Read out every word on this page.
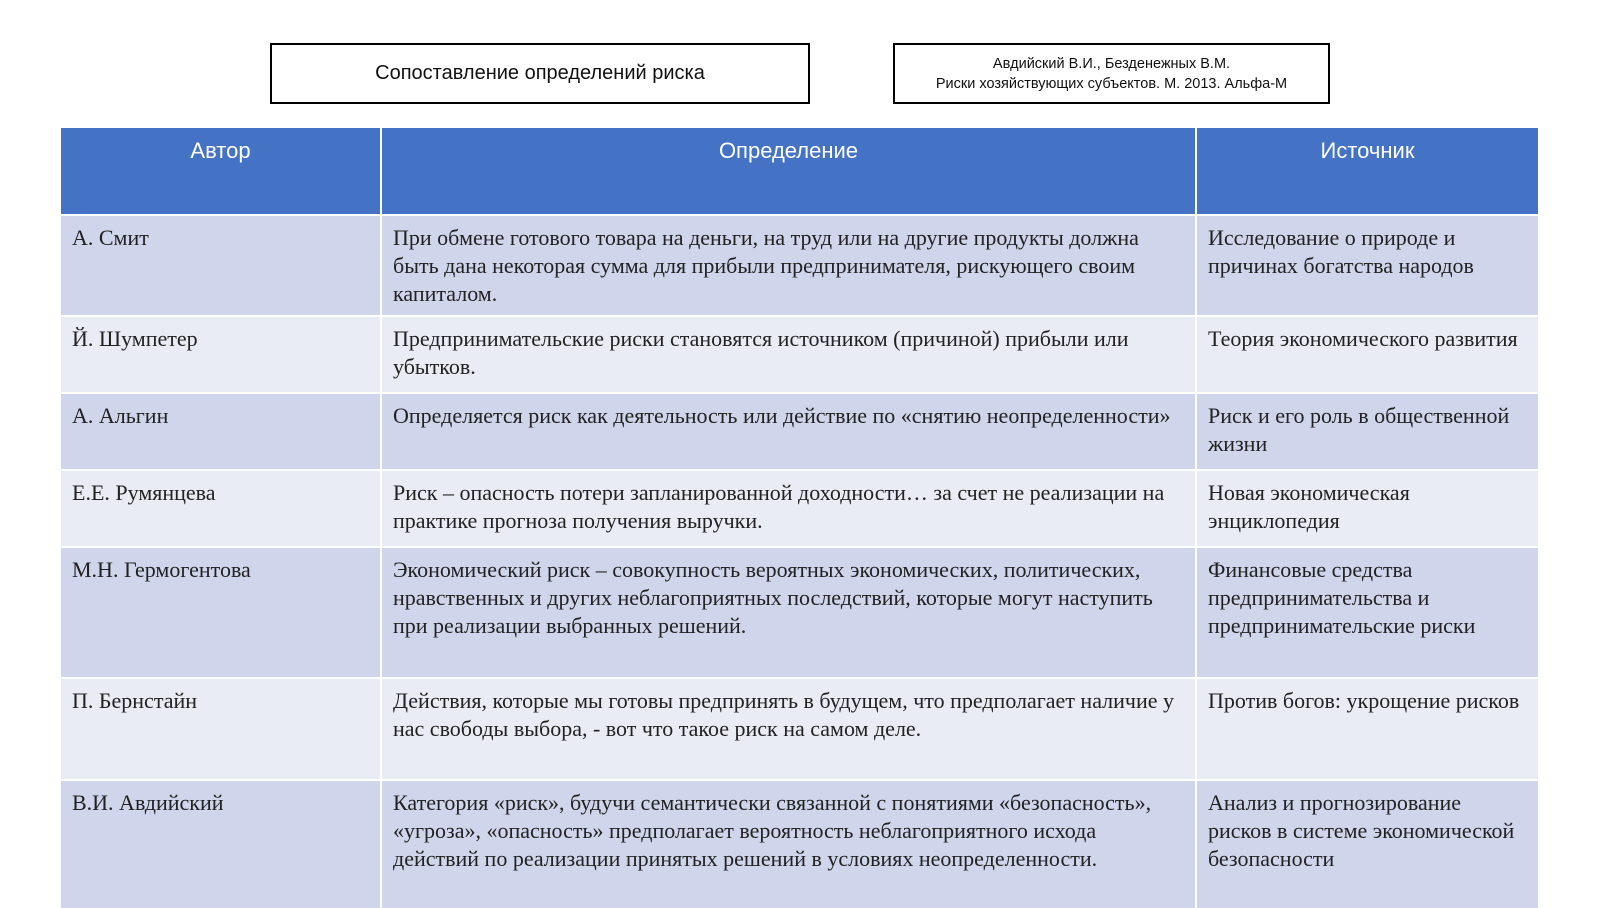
Сопоставление определений риска	Авдийский В.И., Безденежных В.М.
Риски хозяйствующих субъектов. М. 2013. Альфа-М
Автор	Определение	Источник
А. Смит	При обмене готового товара на деньги, на труд или на другие продукты должна быть дана некоторая сумма для прибыли предпринимателя, рискующего своим капиталом.	Исследование о природе и причинах богатства народов
Й. Шумпетер	Предпринимательские риски становятся источником (причиной) прибыли или убытков.	Теория экономического развития
А. Альгин	Определяется риск как деятельность или действие по «снятию неопределенности»	Риск и его роль в общественной жизни
Е.Е. Румянцева	Риск – опасность потери запланированной доходности… за счет не реализации на практике прогноза получения выручки.	Новая экономическая энциклопедия
М.Н. Гермогентова	Экономический риск – совокупность вероятных экономических, политических, нравственных и других неблагоприятных последствий, которые могут наступить при реализации выбранных решений.	Финансовые средства предпринимательства и предпринимательские риски
П. Бернстайн	Действия, которые мы готовы предпринять в будущем, что предполагает наличие у нас свободы выбора, - вот что такое риск на самом деле.	Против богов: укрощение рисков
В.И. Авдийский	Категория «риск», будучи семантически связанной с понятиями «безопасность», «угроза», «опасность» предполагает вероятность неблагоприятного исхода действий по реализации принятых решений в условиях неопределенности.	Анализ и прогнозирование рисков в системе экономической безопасности
